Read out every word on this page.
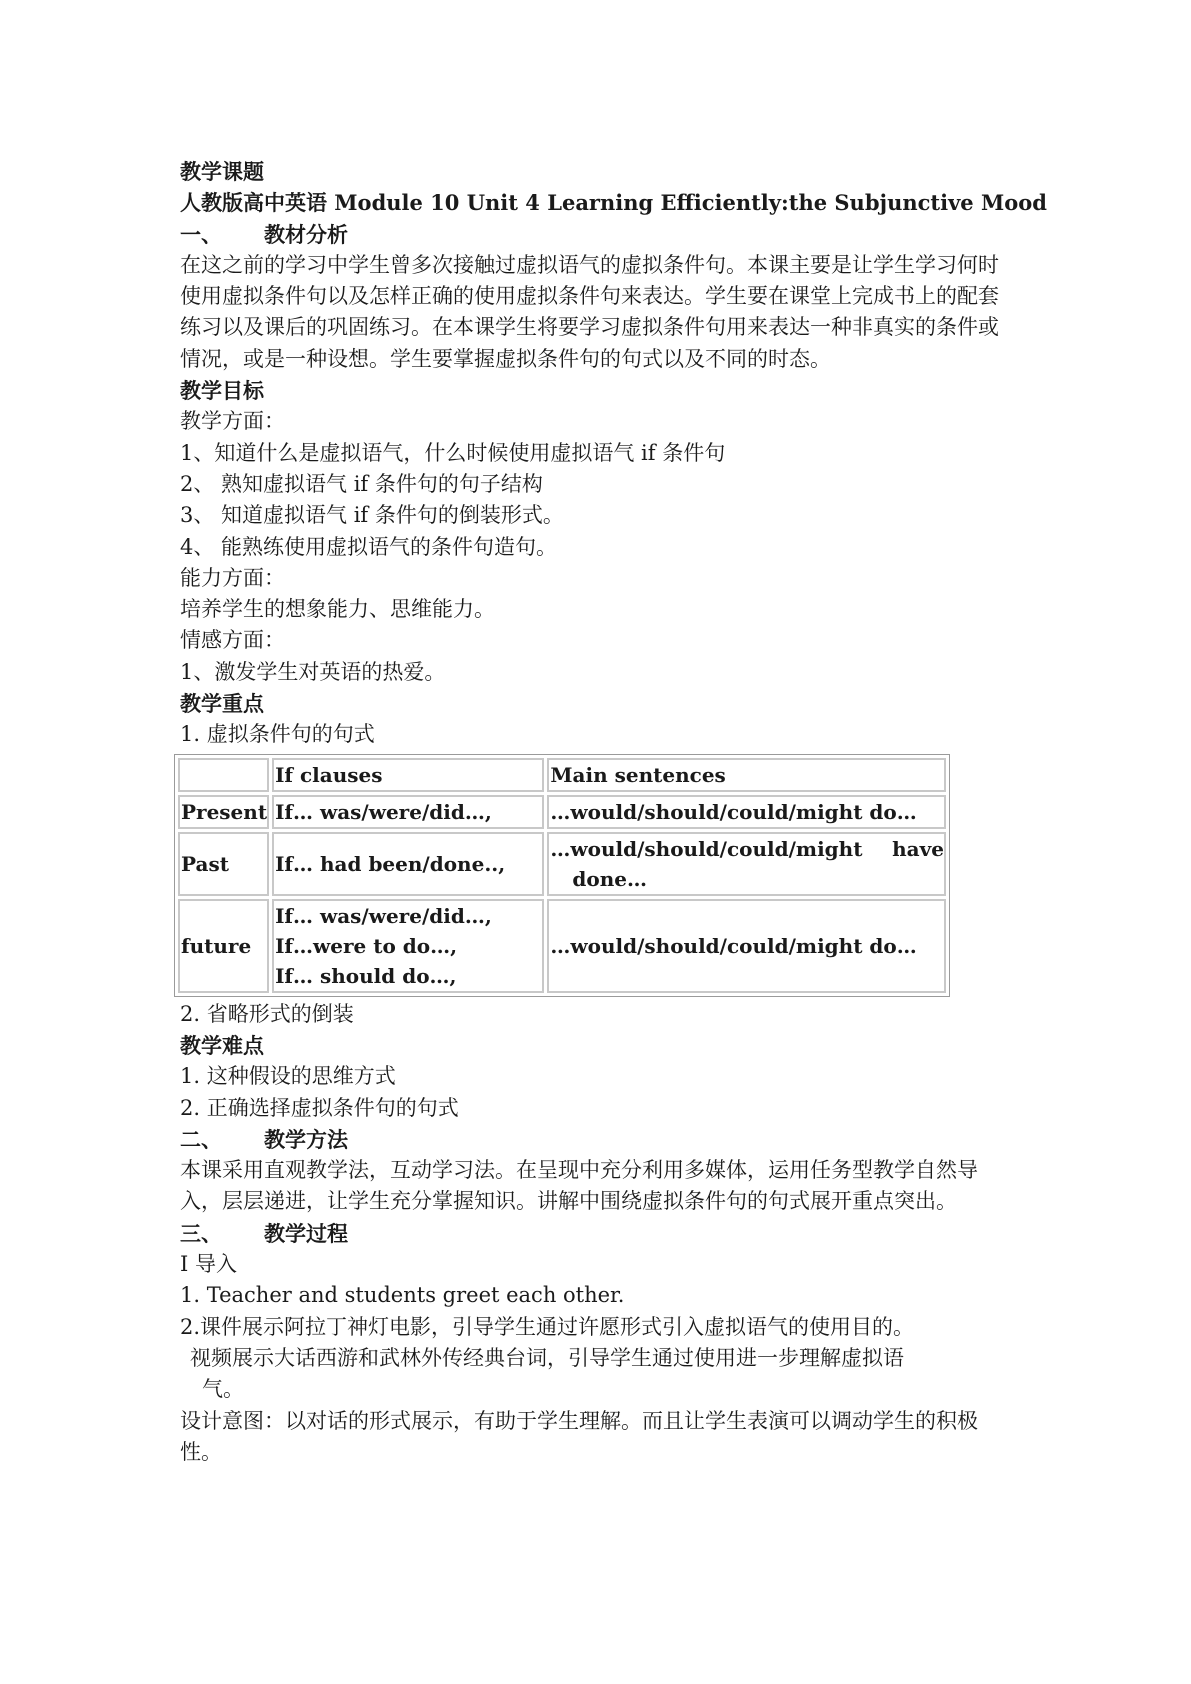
教学课题

人教版高中英语 Module 10 Unit 4 Learning Efficiently:the Subjunctive Mood

一、	教材分析

在这之前的学习中学生曾多次接触过虚拟语气的虚拟条件句。本课主要是让学生学习何时使用虚拟条件句以及怎样正确的使用虚拟条件句来表达。学生要在课堂上完成书上的配套练习以及课后的巩固练习。在本课学生将要学习虚拟条件句用来表达一种非真实的条件或情况，或是一种设想。学生要掌握虚拟条件句的句式以及不同的时态。

教学目标

教学方面：

1、知道什么是虚拟语气，什么时候使用虚拟语气 if 条件句

2、 熟知虚拟语气 if 条件句的句子结构

3、 知道虚拟语气 if 条件句的倒装形式。

4、 能熟练使用虚拟语气的条件句造句。

能力方面：

培养学生的想象能力、思维能力。

情感方面：

1、激发学生对英语的热爱。

教学重点

1. 虚拟条件句的句式

	If clauses	Main sentences
Present	If… was/were/did…,	…would/should/could/might do…
Past	If… had been/done..,	…would/should/could/might have
done…

future	If… was/were/did…,
If…were to do…,
If… should do…,	…would/should/could/might do…

2. 省略形式的倒装

教学难点

1. 这种假设的思维方式

2. 正确选择虚拟条件句的句式

二、	教学方法

本课采用直观教学法，互动学习法。在呈现中充分利用多媒体，运用任务型教学自然导入，层层递进，让学生充分掌握知识。讲解中围绕虚拟条件句的句式展开重点突出。

三、	教学过程

I 导入

1. Teacher and students greet each other.

2.课件展示阿拉丁神灯电影，引导学生通过许愿形式引入虚拟语气的使用目的。

视频展示大话西游和武林外传经典台词，引导学生通过使用进一步理解虚拟语

气。

设计意图：以对话的形式展示，有助于学生理解。而且让学生表演可以调动学生的积极性。
